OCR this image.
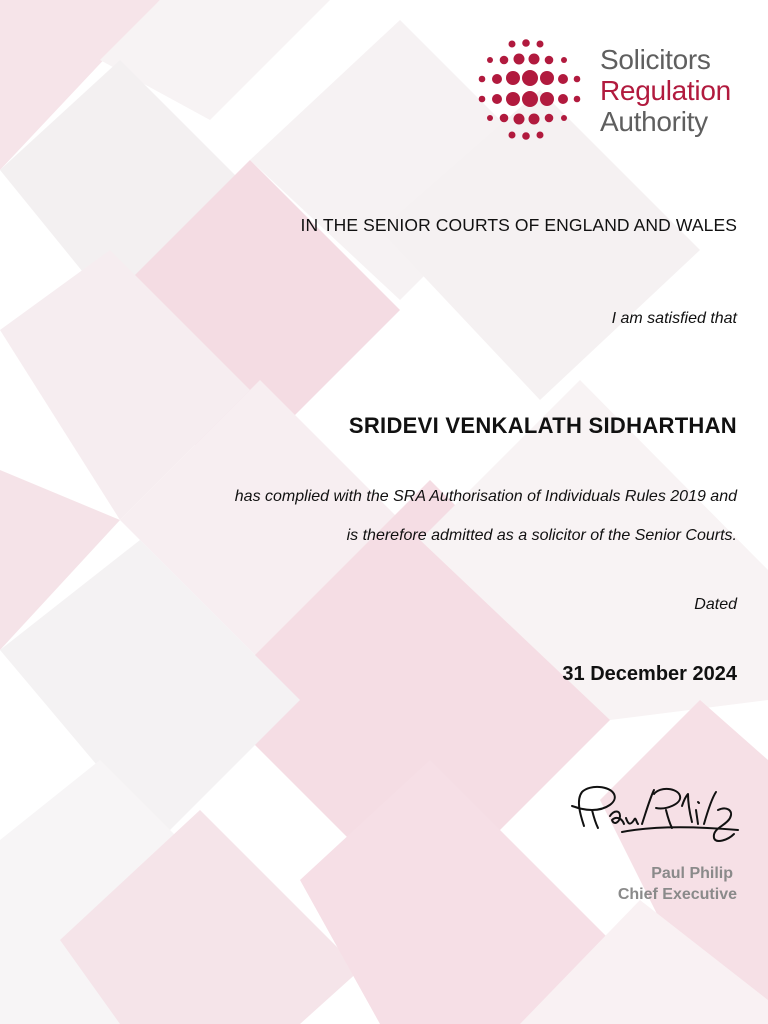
Solicitors
Regulation
Authority
IN THE SENIOR COURTS OF ENGLAND AND WALES
I am satisfied that
SRIDEVI VENKALATH SIDHARTHAN
has complied with the SRA Authorisation of Individuals Rules 2019 and
is therefore admitted as a solicitor of the Senior Courts.
Dated
31 December 2024
Paul Philip
Chief Executive
